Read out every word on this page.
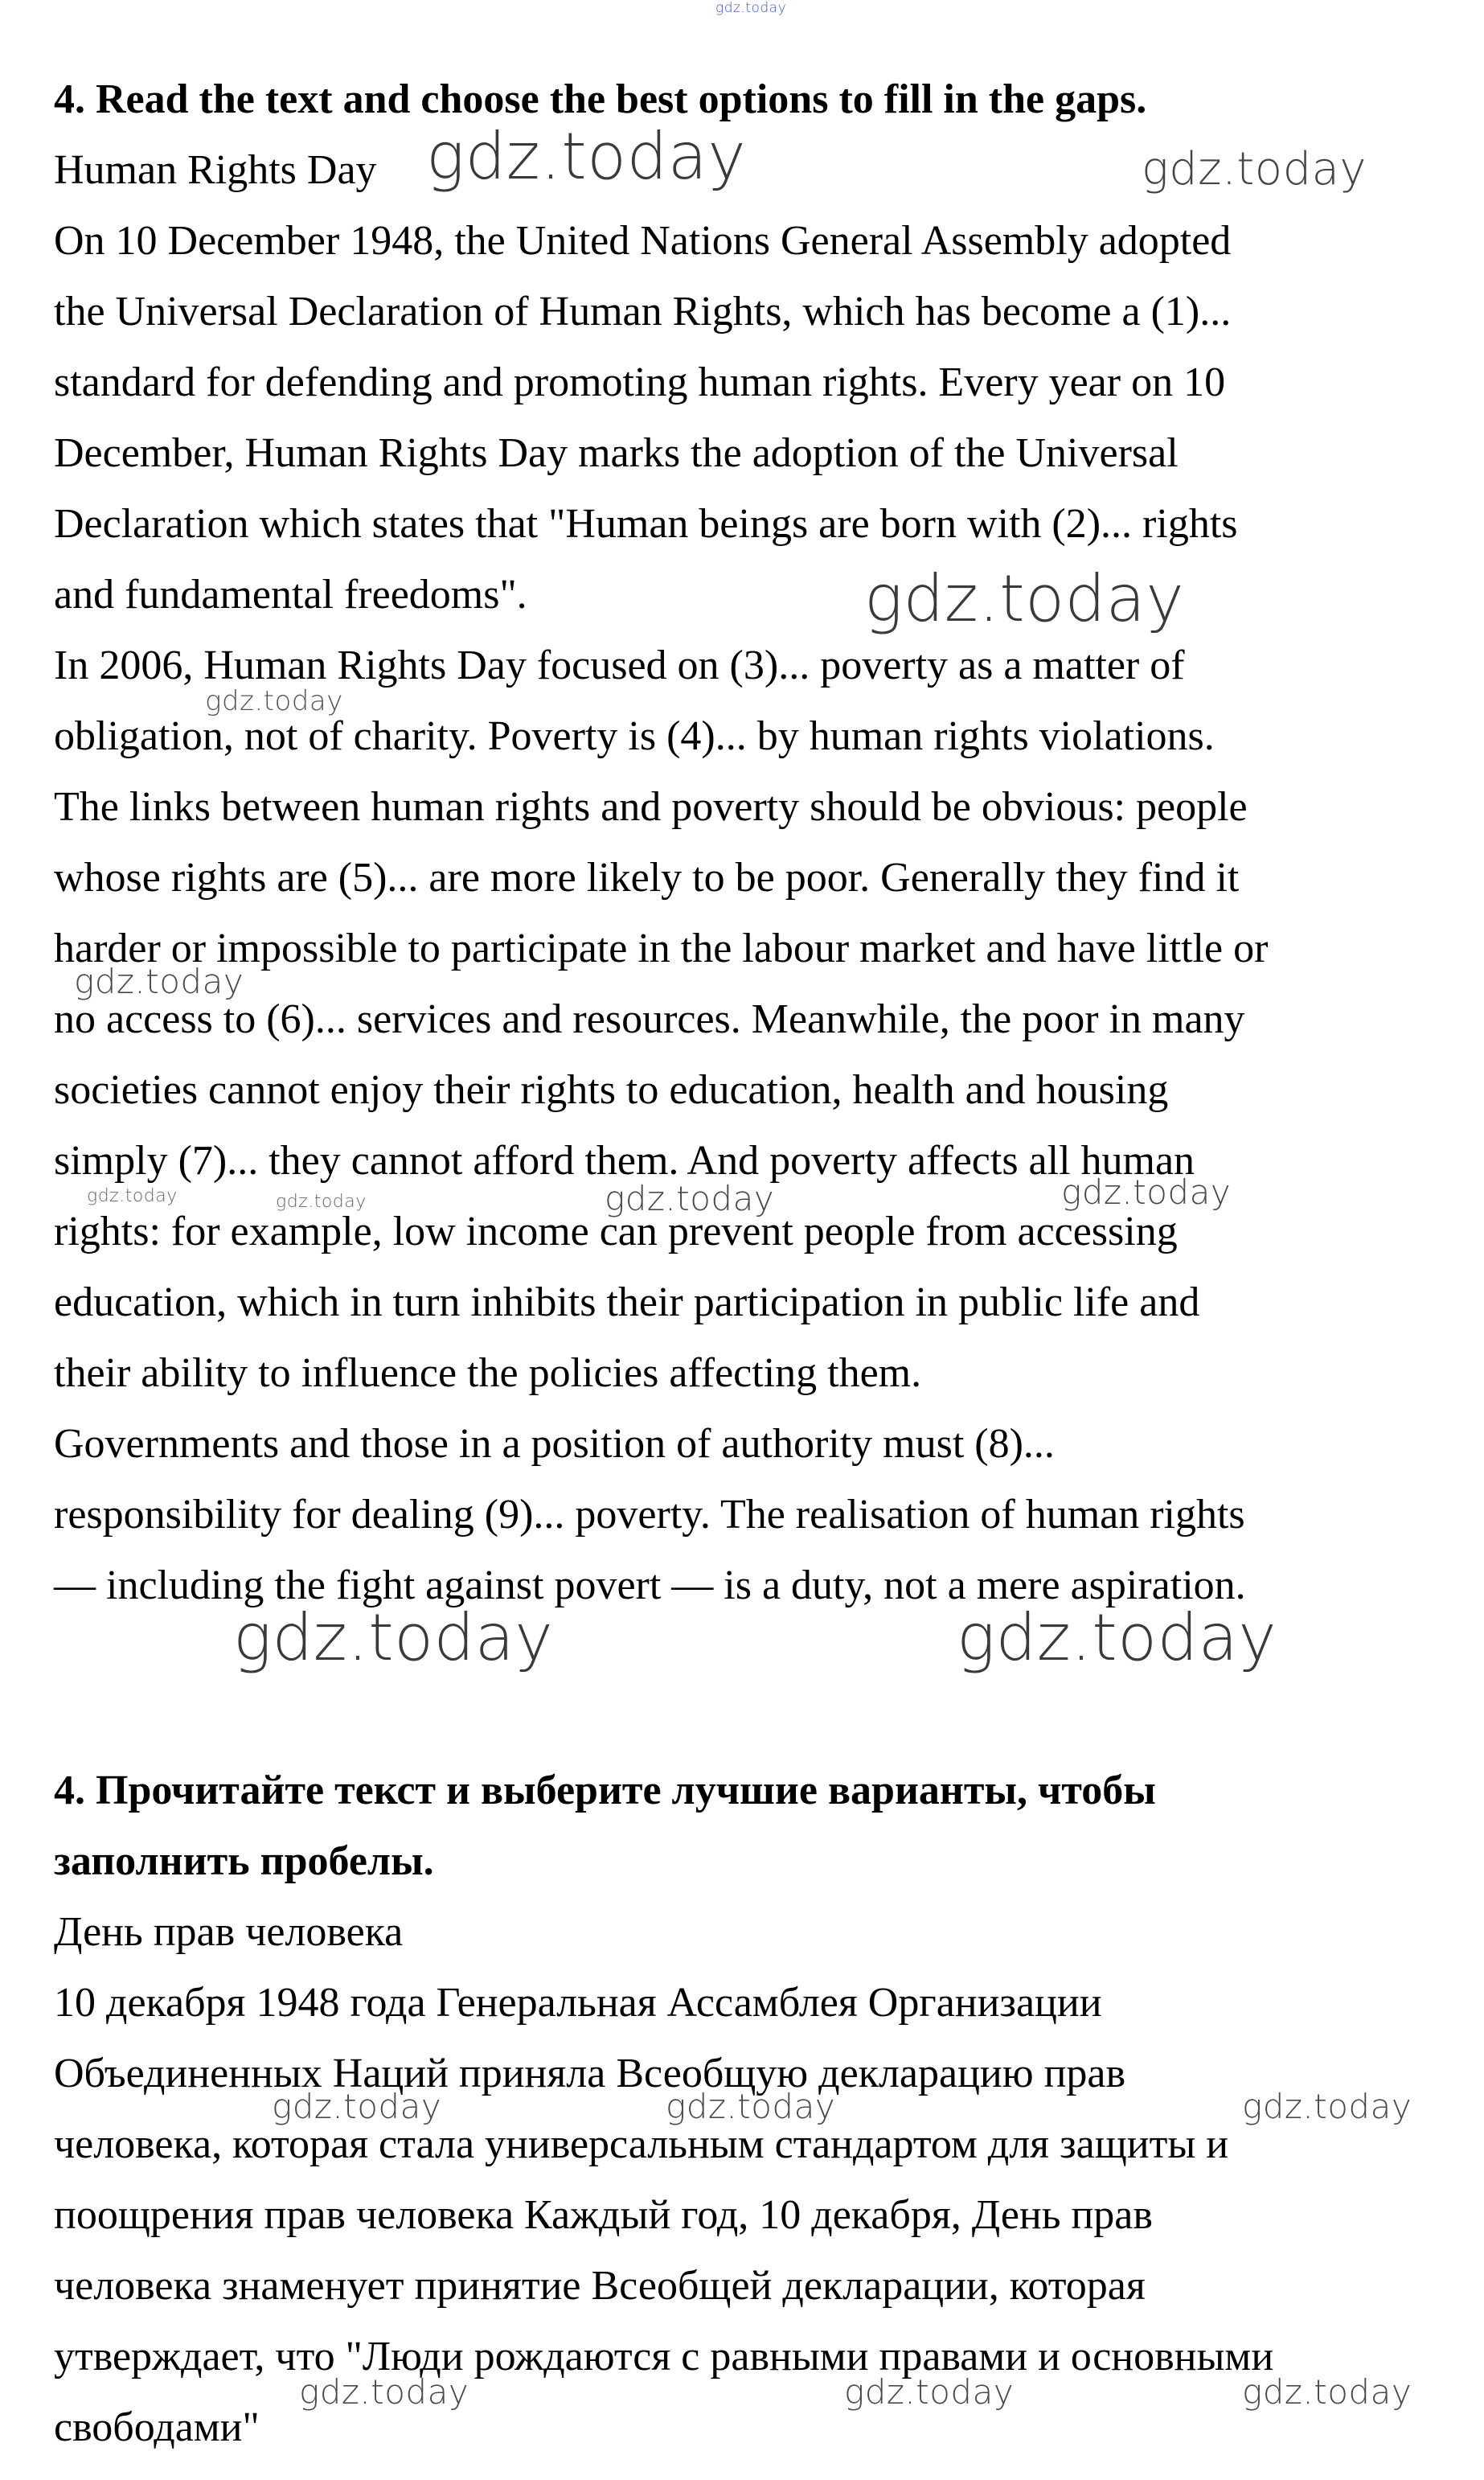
4. Read the text and choose the best options to fill in the gaps.
Human Rights Day
On 10 December 1948, the United Nations General Assembly adopted
the Universal Declaration of Human Rights, which has become a (1)...
standard for defending and promoting human rights. Every year on 10
December, Human Rights Day marks the adoption of the Universal
Declaration which states that "Human beings are born with (2)... rights
and fundamental freedoms".
In 2006, Human Rights Day focused on (3)... poverty as a matter of
obligation, not of charity. Poverty is (4)... by human rights violations.
The links between human rights and poverty should be obvious: people
whose rights are (5)... are more likely to be poor. Generally they find it
harder or impossible to participate in the labour market and have little or
no access to (6)... services and resources. Meanwhile, the poor in many
societies cannot enjoy their rights to education, health and housing
simply (7)... they cannot afford them. And poverty affects all human
rights: for example, low income can prevent people from accessing
education, which in turn inhibits their participation in public life and
their ability to influence the policies affecting them.
Governments and those in a position of authority must (8)...
responsibility for dealing (9)... poverty. The realisation of human rights
— including the fight against povert — is a duty, not a mere aspiration.
4. Прочитайте текст и выберите лучшие варианты, чтобы
заполнить пробелы.
День прав человека
10 декабря 1948 года Генеральная Ассамблея Организации
Объединенных Наций приняла Всеобщую декларацию прав
человека, которая стала универсальным стандартом для защиты и
поощрения прав человека Каждый год, 10 декабря, День прав
человека знаменует принятие Всеобщей декларации, которая
утверждает, что "Люди рождаются с равными правами и основными
свободами"
gdz.today
gdz.today	gdz.today
gdz.today
gdz.today
gdz.today
gdz.today	gdz.today	gdz.today	gdz.today
gdz.today	gdz.today
gdz.today	gdz.today	gdz.today
gdz.today	gdz.today	gdz.today
